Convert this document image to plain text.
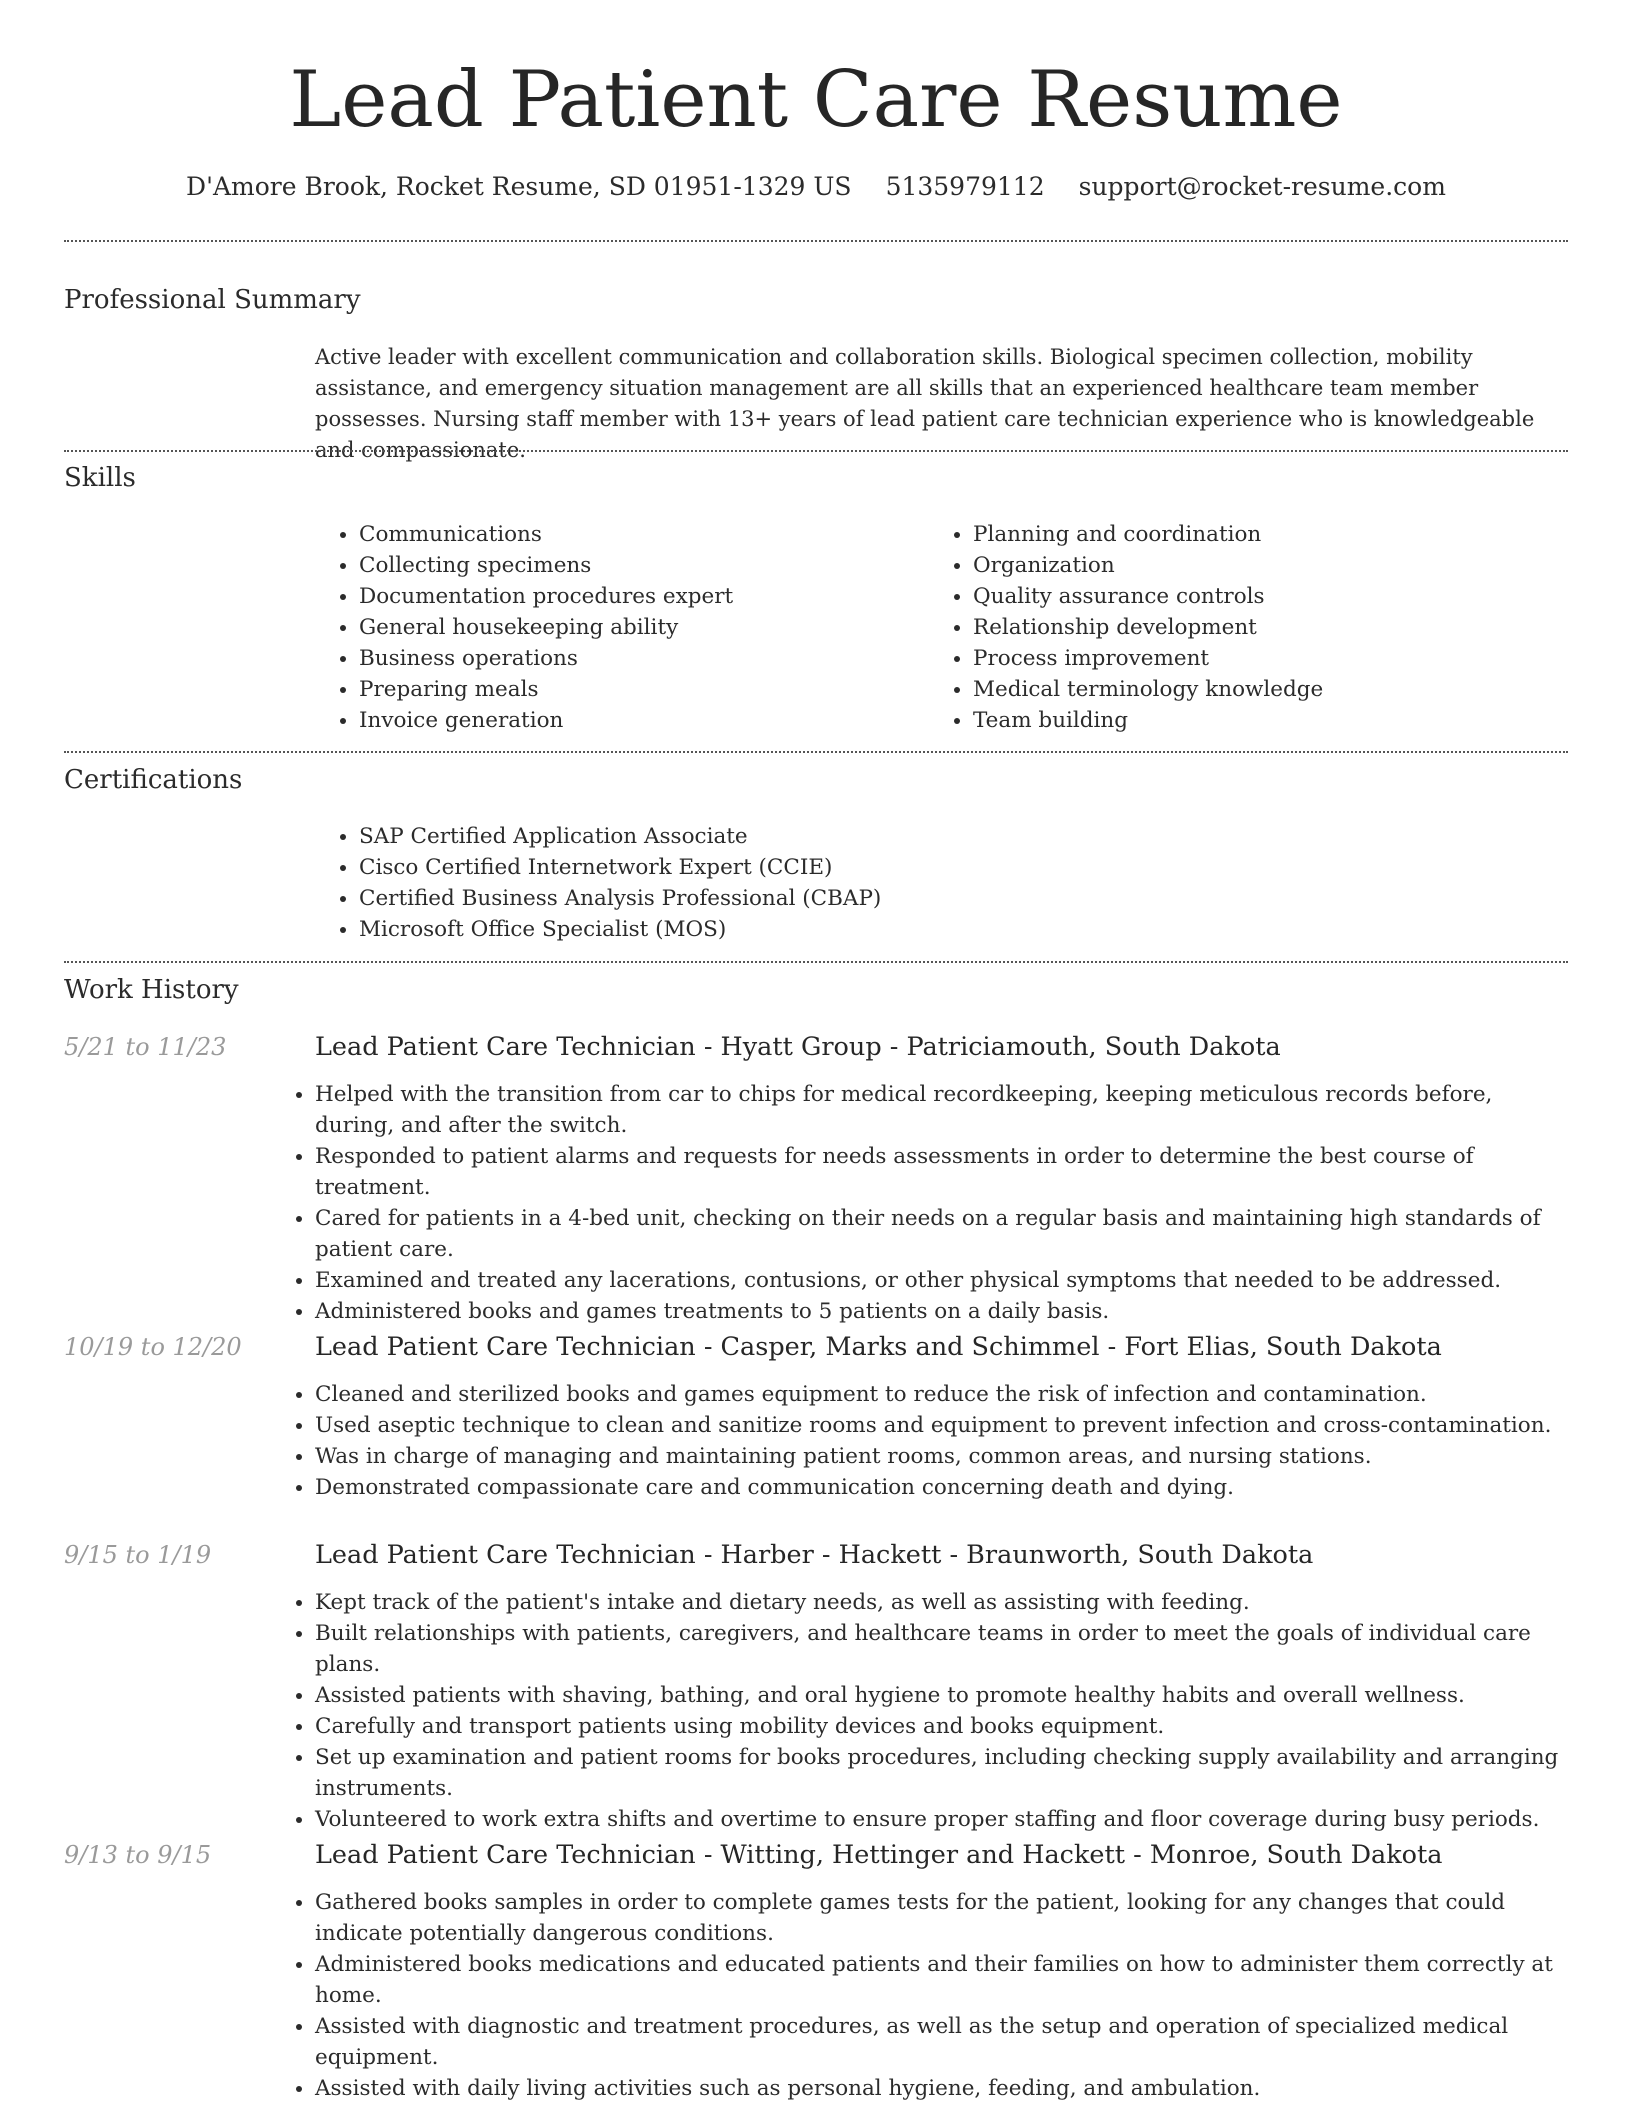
Lead Patient Care Resume
D'Amore Brook, Rocket Resume, SD 01951-1329 US 5135979112 support@rocket-resume.com
Professional Summary

Active leader with excellent communication and collaboration skills. Biological specimen collection, mobility assistance, and emergency situation management are all skills that an experienced healthcare team member possesses. Nursing staff member with 13+ years of lead patient care technician experience who is knowledgeable and compassionate.

Skills
• Communications
• Collecting specimens
• Documentation procedures expert
• General housekeeping ability
• Business operations
• Preparing meals
• Invoice generation
• Planning and coordination
• Organization
• Quality assurance controls
• Relationship development
• Process improvement
• Medical terminology knowledge
• Team building
Certifications
• SAP Certified Application Associate
• Cisco Certified Internetwork Expert (CCIE)
• Certified Business Analysis Professional (CBAP)
• Microsoft Office Specialist (MOS)
Work History
5/21 to 11/23	Lead Patient Care Technician - Hyatt Group - Patriciamouth, South Dakota
• Helped with the transition from car to chips for medical recordkeeping, keeping meticulous records before, during, and after the switch.
• Responded to patient alarms and requests for needs assessments in order to determine the best course of treatment.
• Cared for patients in a 4-bed unit, checking on their needs on a regular basis and maintaining high standards of patient care.
• Examined and treated any lacerations, contusions, or other physical symptoms that needed to be addressed.
• Administered books and games treatments to 5 patients on a daily basis.
10/19 to 12/20	Lead Patient Care Technician - Casper, Marks and Schimmel - Fort Elias, South Dakota
• Cleaned and sterilized books and games equipment to reduce the risk of infection and contamination.
• Used aseptic technique to clean and sanitize rooms and equipment to prevent infection and cross-contamination.
• Was in charge of managing and maintaining patient rooms, common areas, and nursing stations.
• Demonstrated compassionate care and communication concerning death and dying.
9/15 to 1/19	Lead Patient Care Technician - Harber - Hackett - Braunworth, South Dakota
• Kept track of the patient's intake and dietary needs, as well as assisting with feeding.
• Built relationships with patients, caregivers, and healthcare teams in order to meet the goals of individual care plans.
• Assisted patients with shaving, bathing, and oral hygiene to promote healthy habits and overall wellness.
• Carefully and transport patients using mobility devices and books equipment.
• Set up examination and patient rooms for books procedures, including checking supply availability and arranging instruments.
• Volunteered to work extra shifts and overtime to ensure proper staffing and floor coverage during busy periods.
9/13 to 9/15	Lead Patient Care Technician - Witting, Hettinger and Hackett - Monroe, South Dakota
• Gathered books samples in order to complete games tests for the patient, looking for any changes that could indicate potentially dangerous conditions.
• Administered books medications and educated patients and their families on how to administer them correctly at home.
• Assisted with diagnostic and treatment procedures, as well as the setup and operation of specialized medical equipment.
• Assisted with daily living activities such as personal hygiene, feeding, and ambulation.
